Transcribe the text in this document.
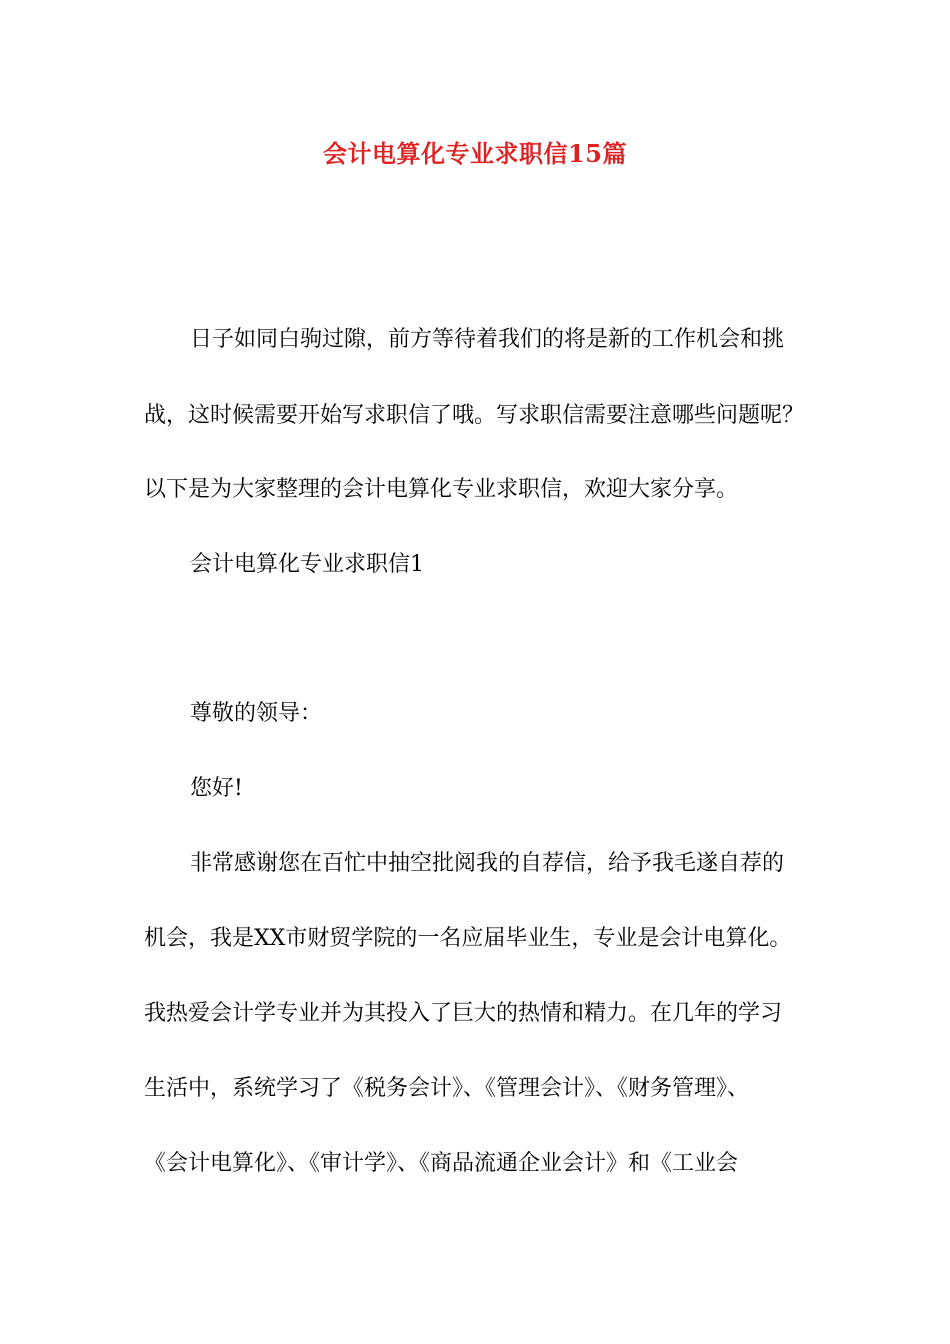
会计电算化专业求职信15篇

日子如同白驹过隙，前方等待着我们的将是新的工作机会和挑

战，这时候需要开始写求职信了哦。写求职信需要注意哪些问题呢？

以下是为大家整理的会计电算化专业求职信，欢迎大家分享。

会计电算化专业求职信1

尊敬的领导：

您好!

非常感谢您在百忙中抽空批阅我的自荐信，给予我毛遂自荐的

机会，我是XX市财贸学院的一名应届毕业生，专业是会计电算化。

我热爱会计学专业并为其投入了巨大的热情和精力。在几年的学习

生活中，系统学习了《税务会计》、《管理会计》、《财务管理》、

《会计电算化》、《审计学》、《商品流通企业会计》和《工业会
